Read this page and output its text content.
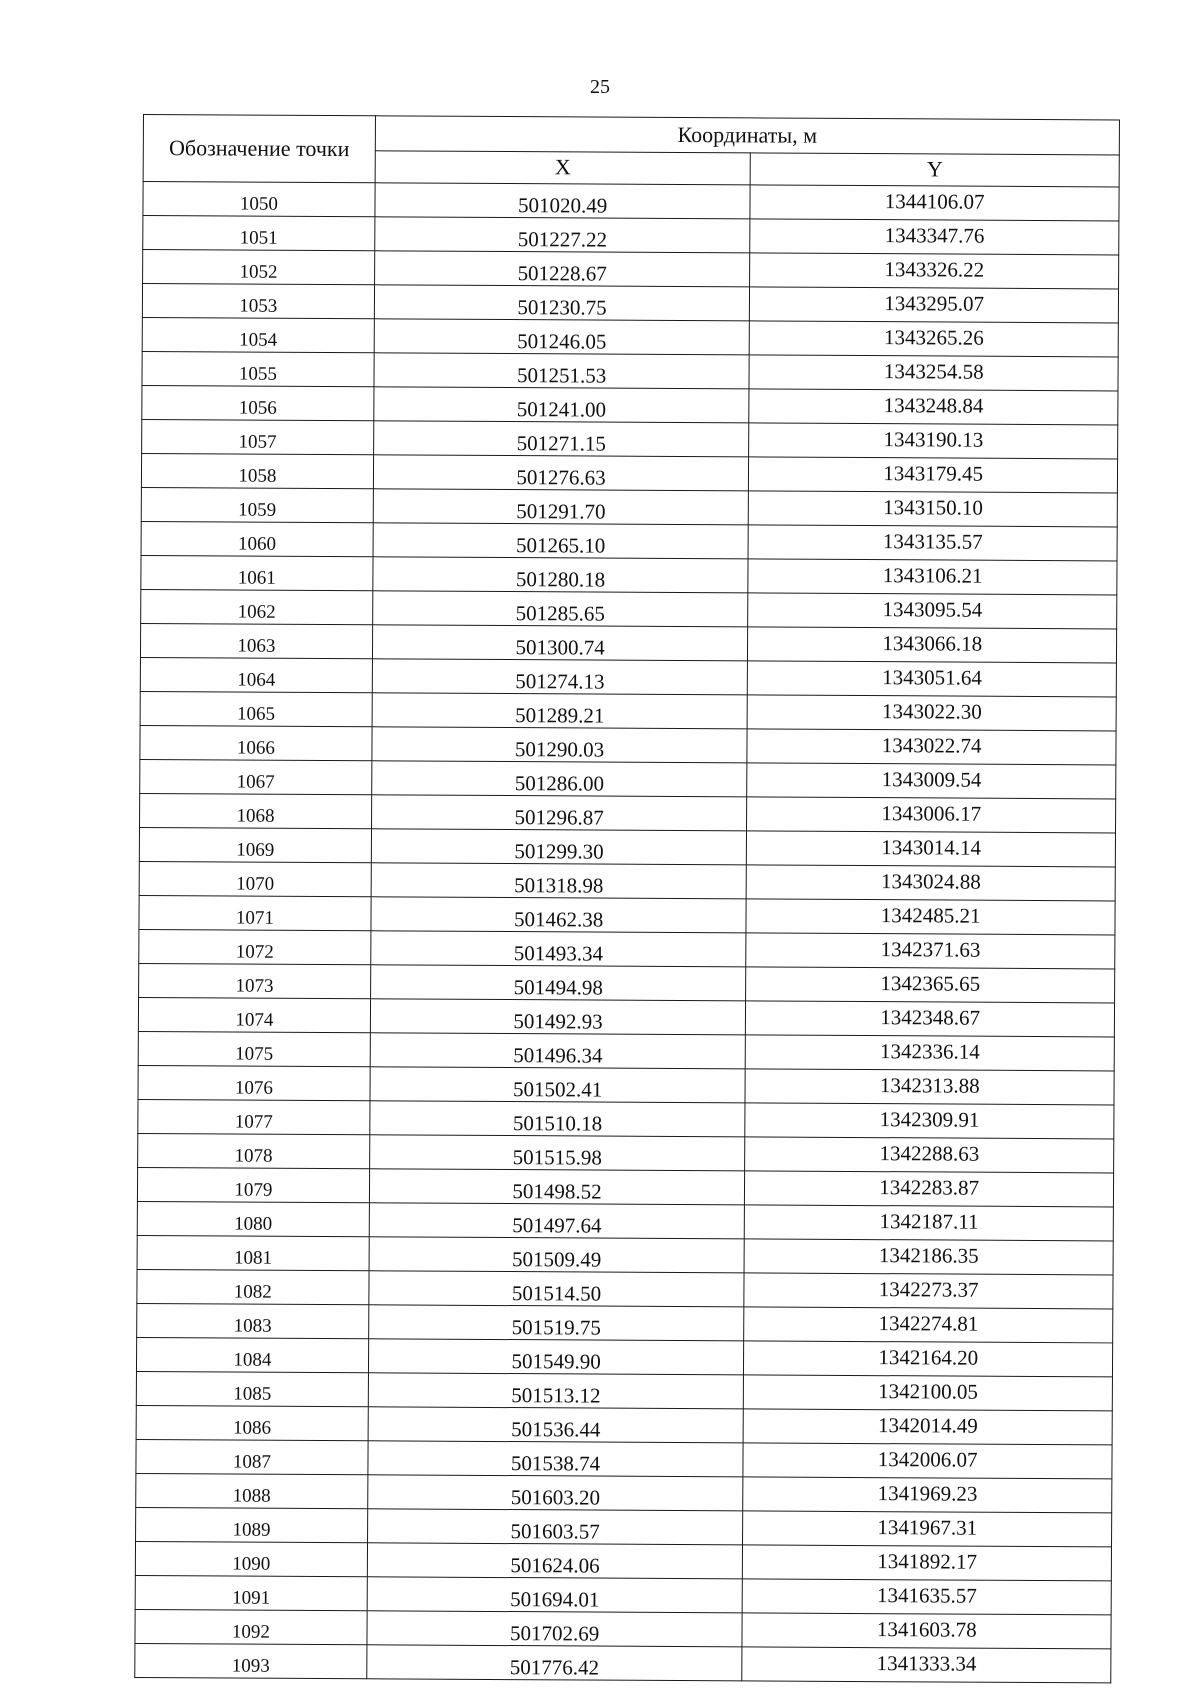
25
Обозначение точки	Координаты, м	
	X	Y
1050	501020.49	1344106.07
1051	501227.22	1343347.76
1052	501228.67	1343326.22
1053	501230.75	1343295.07
1054	501246.05	1343265.26
1055	501251.53	1343254.58
1056	501241.00	1343248.84
1057	501271.15	1343190.13
1058	501276.63	1343179.45
1059	501291.70	1343150.10
1060	501265.10	1343135.57
1061	501280.18	1343106.21
1062	501285.65	1343095.54
1063	501300.74	1343066.18
1064	501274.13	1343051.64
1065	501289.21	1343022.30
1066	501290.03	1343022.74
1067	501286.00	1343009.54
1068	501296.87	1343006.17
1069	501299.30	1343014.14
1070	501318.98	1343024.88
1071	501462.38	1342485.21
1072	501493.34	1342371.63
1073	501494.98	1342365.65
1074	501492.93	1342348.67
1075	501496.34	1342336.14
1076	501502.41	1342313.88
1077	501510.18	1342309.91
1078	501515.98	1342288.63
1079	501498.52	1342283.87
1080	501497.64	1342187.11
1081	501509.49	1342186.35
1082	501514.50	1342273.37
1083	501519.75	1342274.81
1084	501549.90	1342164.20
1085	501513.12	1342100.05
1086	501536.44	1342014.49
1087	501538.74	1342006.07
1088	501603.20	1341969.23
1089	501603.57	1341967.31
1090	501624.06	1341892.17
1091	501694.01	1341635.57
1092	501702.69	1341603.78
1093	501776.42	1341333.34
